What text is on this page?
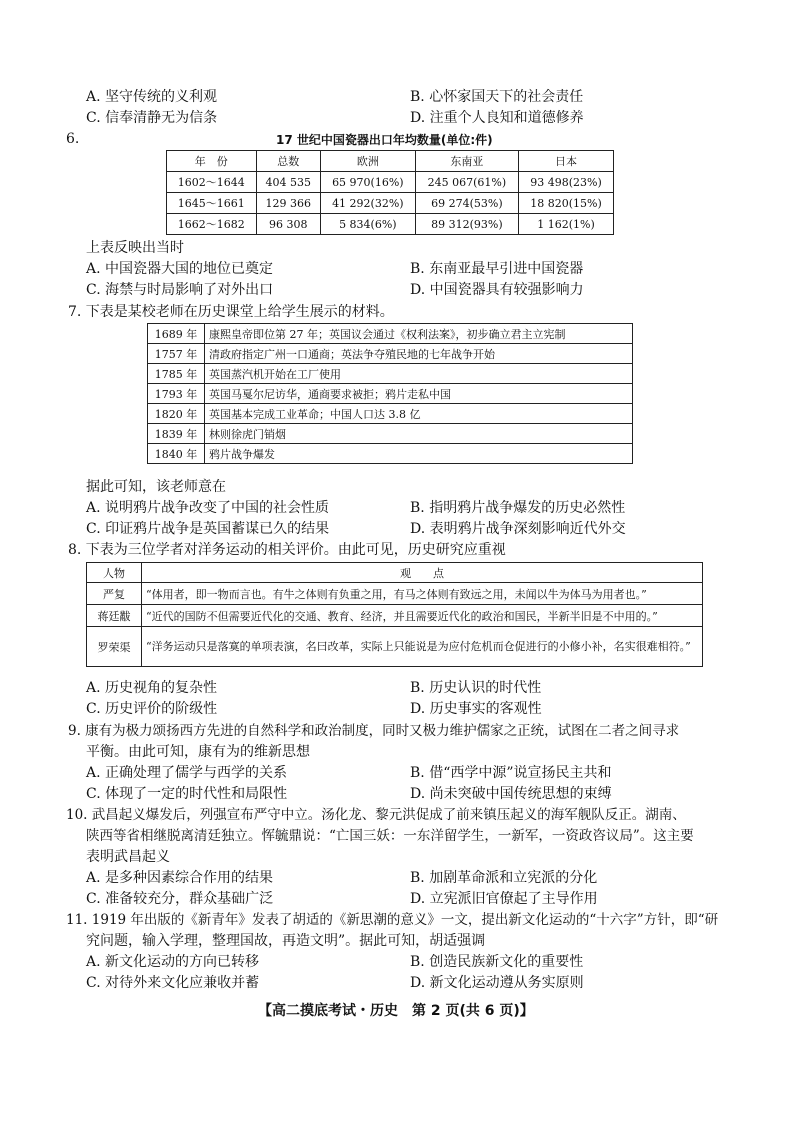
A. 坚守传统的义利观	B. 心怀家国天下的社会责任
C. 信奉清静无为信条	D. 注重个人良知和道德修养
6.	17 世纪中国瓷器出口年均数量(单位:件)
年　份	总数	欧洲	东南亚	日本
1602～1644	404 535	65 970(16%)	245 067(61%)	93 498(23%)
1645～1661	129 366	41 292(32%)	69 274(53%)	18 820(15%)
1662～1682	96 308	5 834(6%)	89 312(93%)	1 162(1%)
上表反映出当时
A. 中国瓷器大国的地位已奠定	B. 东南亚最早引进中国瓷器
C. 海禁与时局影响了对外出口	D. 中国瓷器具有较强影响力
7. 下表是某校老师在历史课堂上给学生展示的材料。
1689 年	康熙皇帝即位第 27 年；英国议会通过《权利法案》，初步确立君主立宪制
1757 年	清政府指定广州一口通商；英法争夺殖民地的七年战争开始
1785 年	英国蒸汽机开始在工厂使用
1793 年	英国马戛尔尼访华，通商要求被拒；鸦片走私中国
1820 年	英国基本完成工业革命；中国人口达 3.8 亿
1839 年	林则徐虎门销烟
1840 年	鸦片战争爆发
据此可知，该老师意在
A. 说明鸦片战争改变了中国的社会性质	B. 指明鸦片战争爆发的历史必然性
C. 印证鸦片战争是英国蓄谋已久的结果	D. 表明鸦片战争深刻影响近代外交
8. 下表为三位学者对洋务运动的相关评价。由此可见，历史研究应重视
人物	观　　点
严复	“体用者，即一物而言也。有牛之体则有负重之用，有马之体则有致远之用，未闻以牛为体马为用者也。”
蒋廷黻	“近代的国防不但需要近代化的交通、教育、经济，并且需要近代化的政治和国民，半新半旧是不中用的。”
罗荣渠	“洋务运动只是落寞的单项表演，名曰改革，实际上只能说是为应付危机而仓促进行的小修小补，名实很难相符。”
A. 历史视角的复杂性	B. 历史认识的时代性
C. 历史评价的阶级性	D. 历史事实的客观性
9. 康有为极力颂扬西方先进的自然科学和政治制度，同时又极力维护儒家之正统，试图在二者之间寻求
平衡。由此可知，康有为的维新思想
A. 正确处理了儒学与西学的关系	B. 借“西学中源”说宣扬民主共和
C. 体现了一定的时代性和局限性	D. 尚未突破中国传统思想的束缚
10. 武昌起义爆发后，列强宣布严守中立。汤化龙、黎元洪促成了前来镇压起义的海军舰队反正。湖南、
陕西等省相继脱离清廷独立。恽毓鼎说：“亡国三妖：一东洋留学生，一新军，一资政咨议局”。这主要
表明武昌起义
A. 是多种因素综合作用的结果	B. 加剧革命派和立宪派的分化
C. 准备较充分，群众基础广泛	D. 立宪派旧官僚起了主导作用
11. 1919 年出版的《新青年》发表了胡适的《新思潮的意义》一文，提出新文化运动的“十六字”方针，即“研
究问题，输入学理，整理国故，再造文明”。据此可知，胡适强调
A. 新文化运动的方向已转移	B. 创造民族新文化的重要性
C. 对待外来文化应兼收并蓄	D. 新文化运动遵从务实原则
【高二摸底考试・历史　第 2 页(共 6 页)】
